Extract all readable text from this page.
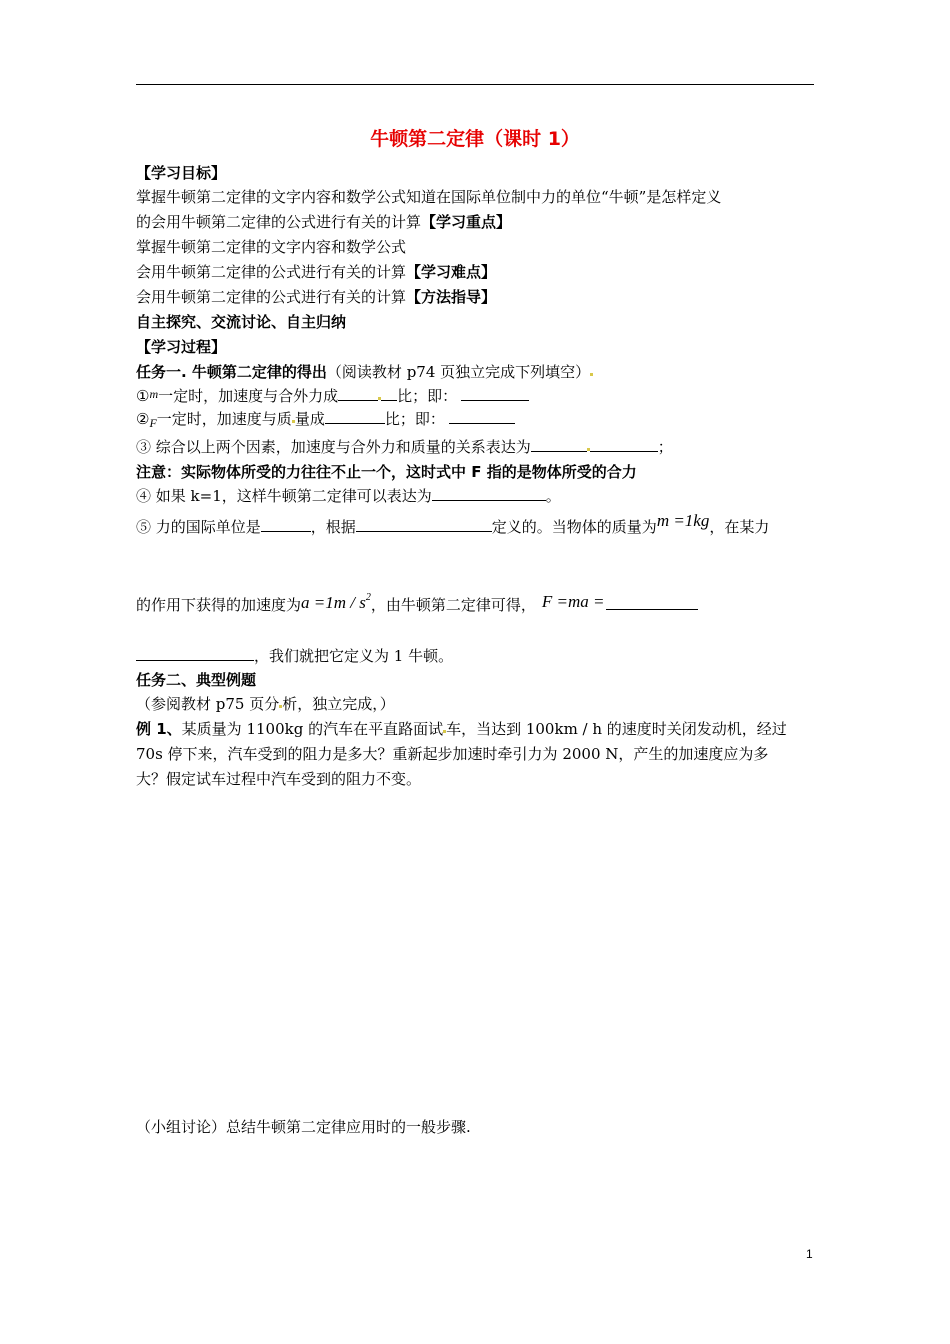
牛顿第二定律（课时 1）
【学习目标】
掌握牛顿第二定律的文字内容和数学公式知道在国际单位制中力的单位“牛顿”是怎样定义
的会用牛顿第二定律的公式进行有关的计算【学习重点】
掌握牛顿第二定律的文字内容和数学公式
会用牛顿第二定律的公式进行有关的计算【学习难点】
会用牛顿第二定律的公式进行有关的计算【方法指导】
自主探究、交流讨论、自主归纳
【学习过程】
任务一. 牛顿第二定律的得出（阅读教材 p74 页独立完成下列填空）
①$^m$一定时，加速度与合外力成	比；即：
$②_F$一定时，加速度与质 量成	比；即：
③ 综合以上两个因素，加速度与合外力和质量的关系表达为	；
注意：实际物体所受的力往往不止一个，这时式中 F 指的是物体所受的合力
④ 如果 k=1，这样牛顿第二定律可以表达为	。
⑤ 力的国际单位是	，根据	定义的。当物体的质量为m =1kg，在某力
的作用下获得的加速度为$a =1m / s^2$，由牛顿第二定律可得， F =ma =
，我们就把它定义为 1 牛顿。
任务二、典型例题
（参阅教材 p75 页分 析，独立完成，）
例 1、某质量为 1100kg 的汽车在平直路面试 车，当达到 100km / h 的速度时关闭发动机，经过
70s 停下来，汽车受到的阻力是多大？重新起步加速时牵引力为 2000 N，产生的加速度应为多
大？假定试车过程中汽车受到的阻力不变。
（小组讨论）总结牛顿第二定律应用时的一般步骤.
1
